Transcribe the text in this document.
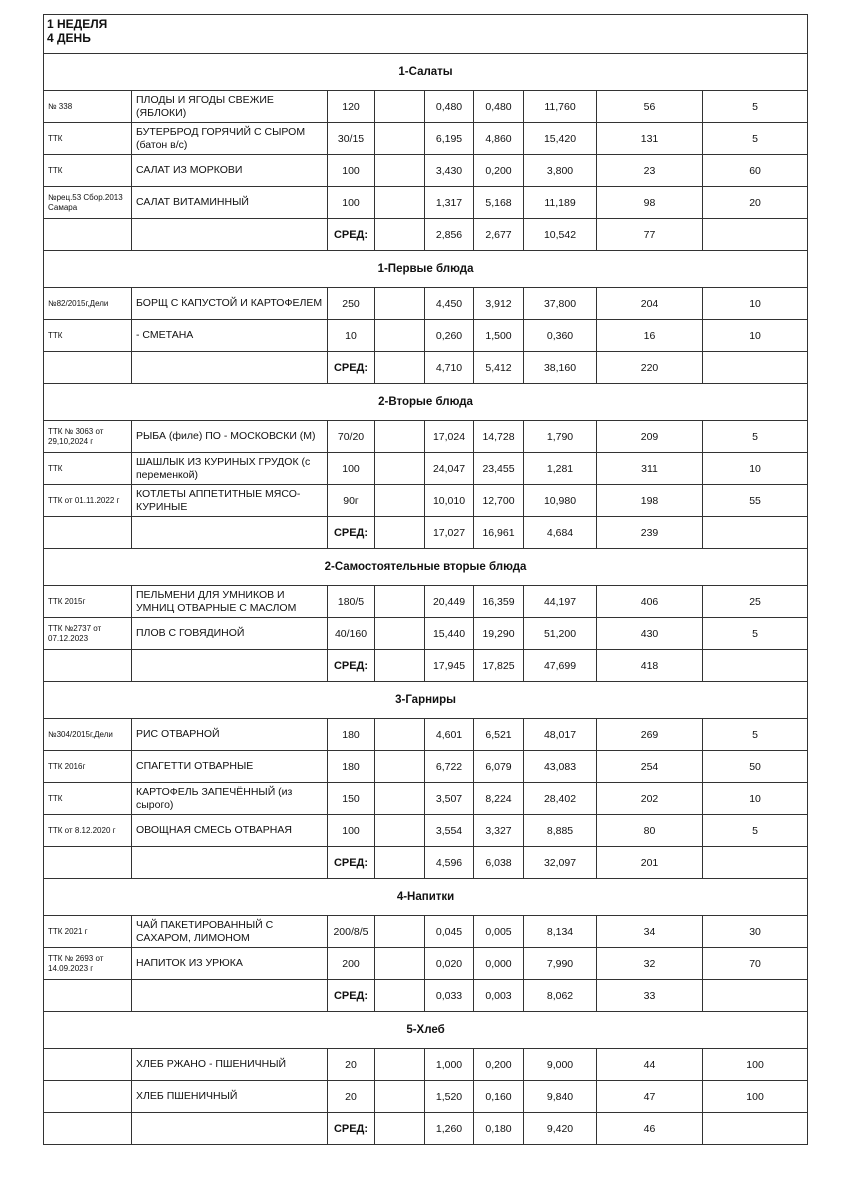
1 НЕДЕЛЯ
4 ДЕНЬ								

1-Салаты								
№ 338	ПЛОДЫ И ЯГОДЫ СВЕЖИЕ (ЯБЛОКИ)	120		0,480	0,480	11,760	56	5
ТТК	БУТЕРБРОД ГОРЯЧИЙ С СЫРОМ (батон в/с)	30/15		6,195	4,860	15,420	131	5
ТТК	САЛАТ ИЗ МОРКОВИ	100		3,430	0,200	3,800	23	60
№рец.53 Сбор.2013 Самара	САЛАТ ВИТАМИННЫЙ	100		1,317	5,168	11,189	98	20
		СРЕД:		2,856	2,677	10,542	77	
1-Первые блюда								
№82/2015г,Дели	БОРЩ С КАПУСТОЙ И КАРТОФЕЛЕМ	250		4,450	3,912	37,800	204	10
ТТК	- СМЕТАНА	10		0,260	1,500	0,360	16	10
		СРЕД:		4,710	5,412	38,160	220	
2-Вторые блюда								
ТТК № 3063 от 29,10,2024 г	РЫБА (филе) ПО - МОСКОВСКИ (М)	70/20		17,024	14,728	1,790	209	5
ТТК	ШАШЛЫК ИЗ КУРИНЫХ ГРУДОК (с переменкой)	100		24,047	23,455	1,281	311	10
ТТК от 01.11.2022 г	КОТЛЕТЫ АППЕТИТНЫЕ МЯСО-КУРИНЫЕ	90г		10,010	12,700	10,980	198	55
		СРЕД:		17,027	16,961	4,684	239	
2-Самостоятельные вторые блюда								
ТТК 2015г	ПЕЛЬМЕНИ ДЛЯ УМНИКОВ И УМНИЦ ОТВАРНЫЕ С МАСЛОМ	180/5		20,449	16,359	44,197	406	25
ТТК №2737 от 07.12.2023	ПЛОВ С ГОВЯДИНОЙ	40/160		15,440	19,290	51,200	430	5
		СРЕД:		17,945	17,825	47,699	418	
3-Гарниры								
№304/2015г,Дели	РИС ОТВАРНОЙ	180		4,601	6,521	48,017	269	5
ТТК 2016г	СПАГЕТТИ ОТВАРНЫЕ	180		6,722	6,079	43,083	254	50
ТТК	КАРТОФЕЛЬ ЗАПЕЧЁННЫЙ (из сырого)	150		3,507	8,224	28,402	202	10
ТТК от 8.12.2020 г	ОВОЩНАЯ СМЕСЬ ОТВАРНАЯ	100		3,554	3,327	8,885	80	5
		СРЕД:		4,596	6,038	32,097	201	
4-Напитки								
ТТК 2021 г	ЧАЙ ПАКЕТИРОВАННЫЙ С САХАРОМ, ЛИМОНОМ	200/8/5		0,045	0,005	8,134	34	30
ТТК № 2693 от 14.09.2023 г	НАПИТОК ИЗ УРЮКА	200		0,020	0,000	7,990	32	70
		СРЕД:		0,033	0,003	8,062	33	
5-Хлеб								
	ХЛЕБ РЖАНО - ПШЕНИЧНЫЙ	20		1,000	0,200	9,000	44	100
	ХЛЕБ ПШЕНИЧНЫЙ	20		1,520	0,160	9,840	47	100
		СРЕД:		1,260	0,180	9,420	46	
